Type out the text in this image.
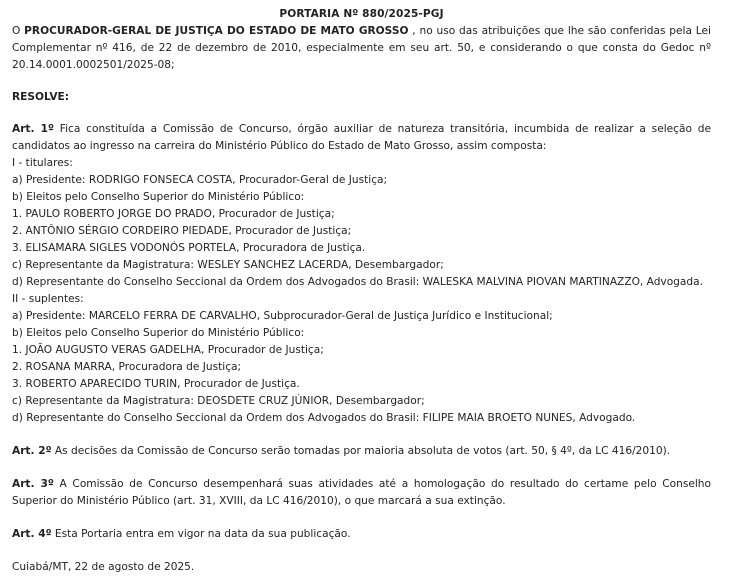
PORTARIA Nº 880/2025-PGJ

O PROCURADOR-GERAL DE JUSTIÇA DO ESTADO DE MATO GROSSO , no uso das atribuições que lhe são conferidas pela Lei Complementar nº 416, de 22 de dezembro de 2010, especialmente em seu art. 50, e considerando o que consta do Gedoc nº 20.14.0001.0002501/2025-08;

RESOLVE:

Art. 1º Fica constituída a Comissão de Concurso, órgão auxiliar de natureza transitória, incumbida de realizar a seleção de candidatos ao ingresso na carreira do Ministério Público do Estado de Mato Grosso, assim composta:

I - titulares:

a) Presidente: RODRIGO FONSECA COSTA, Procurador-Geral de Justiça;

b) Eleitos pelo Conselho Superior do Ministério Público:

1. PAULO ROBERTO JORGE DO PRADO, Procurador de Justiça;

2. ANTÔNIO SÉRGIO CORDEIRO PIEDADE, Procurador de Justiça;

3. ELISAMARA SIGLES VODONÓS PORTELA, Procuradora de Justiça.

c) Representante da Magistratura: WESLEY SANCHEZ LACERDA, Desembargador;

d) Representante do Conselho Seccional da Ordem dos Advogados do Brasil: WALESKA MALVINA PIOVAN MARTINAZZO, Advogada.

II - suplentes:

a) Presidente: MARCELO FERRA DE CARVALHO, Subprocurador-Geral de Justiça Jurídico e Institucional;

b) Eleitos pelo Conselho Superior do Ministério Público:

1. JOÃO AUGUSTO VERAS GADELHA, Procurador de Justiça;

2. ROSANA MARRA, Procuradora de Justiça;

3. ROBERTO APARECIDO TURIN, Procurador de Justiça.

c) Representante da Magistratura: DEOSDETE CRUZ JÚNIOR, Desembargador;

d) Representante do Conselho Seccional da Ordem dos Advogados do Brasil: FILIPE MAIA BROETO NUNES, Advogado.

Art. 2º As decisões da Comissão de Concurso serão tomadas por maioria absoluta de votos (art. 50, § 4º, da LC 416/2010).

Art. 3º A Comissão de Concurso desempenhará suas atividades até a homologação do resultado do certame pelo Conselho Superior do Ministério Público (art. 31, XVIII, da LC 416/2010), o que marcará a sua extinção.

Art. 4º Esta Portaria entra em vigor na data da sua publicação.

Cuiabá/MT, 22 de agosto de 2025.
